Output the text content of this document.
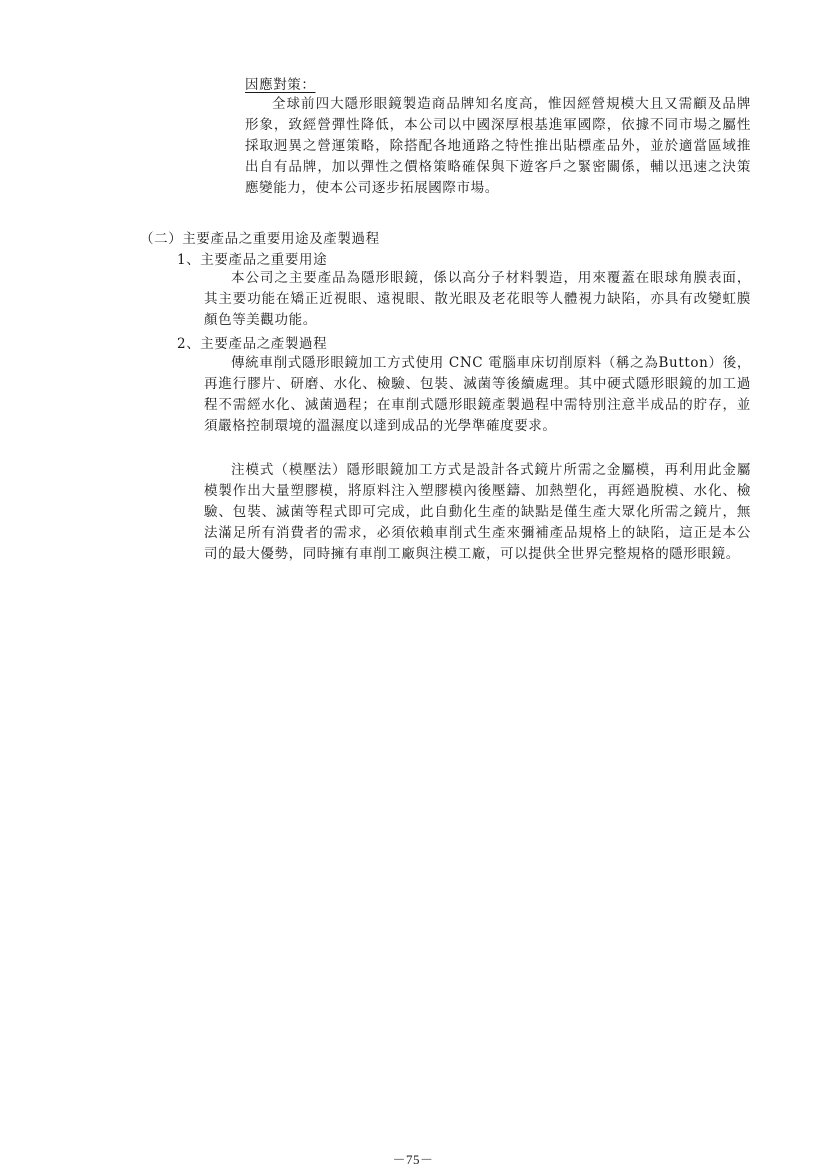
因應對策：

全球前四大隱形眼鏡製造商品牌知名度高，惟因經營規模大且又需顧及品牌形象，致經營彈性降低，本公司以中國深厚根基進軍國際，依據不同市場之屬性採取迥異之營運策略，除搭配各地通路之特性推出貼標產品外，並於適當區域推出自有品牌，加以彈性之價格策略確保與下遊客戶之緊密關係，輔以迅速之決策應變能力，使本公司逐步拓展國際市場。

（二）主要產品之重要用途及產製過程
1、主要產品之重要用途

本公司之主要產品為隱形眼鏡，係以高分子材料製造，用來覆蓋在眼球角膜表面，其主要功能在矯正近視眼、遠視眼、散光眼及老花眼等人體視力缺陷，亦具有改變虹膜顏色等美觀功能。

2、主要產品之產製過程

傳統車削式隱形眼鏡加工方式使用 CNC 電腦車床切削原料（稱之為Button）後，再進行膠片、研磨、水化、檢驗、包裝、滅菌等後續處理。其中硬式隱形眼鏡的加工過程不需經水化、滅菌過程；在車削式隱形眼鏡產製過程中需特別注意半成品的貯存，並須嚴格控制環境的溫濕度以達到成品的光學準確度要求。

注模式（模壓法）隱形眼鏡加工方式是設計各式鏡片所需之金屬模，再利用此金屬模製作出大量塑膠模，將原料注入塑膠模內後壓鑄、加熱塑化，再經過脫模、水化、檢驗、包裝、滅菌等程式即可完成，此自動化生產的缺點是僅生產大眾化所需之鏡片，無法滿足所有消費者的需求，必須依賴車削式生產來彌補產品規格上的缺陷，這正是本公司的最大優勢，同時擁有車削工廠與注模工廠，可以提供全世界完整規格的隱形眼鏡。

－75－
